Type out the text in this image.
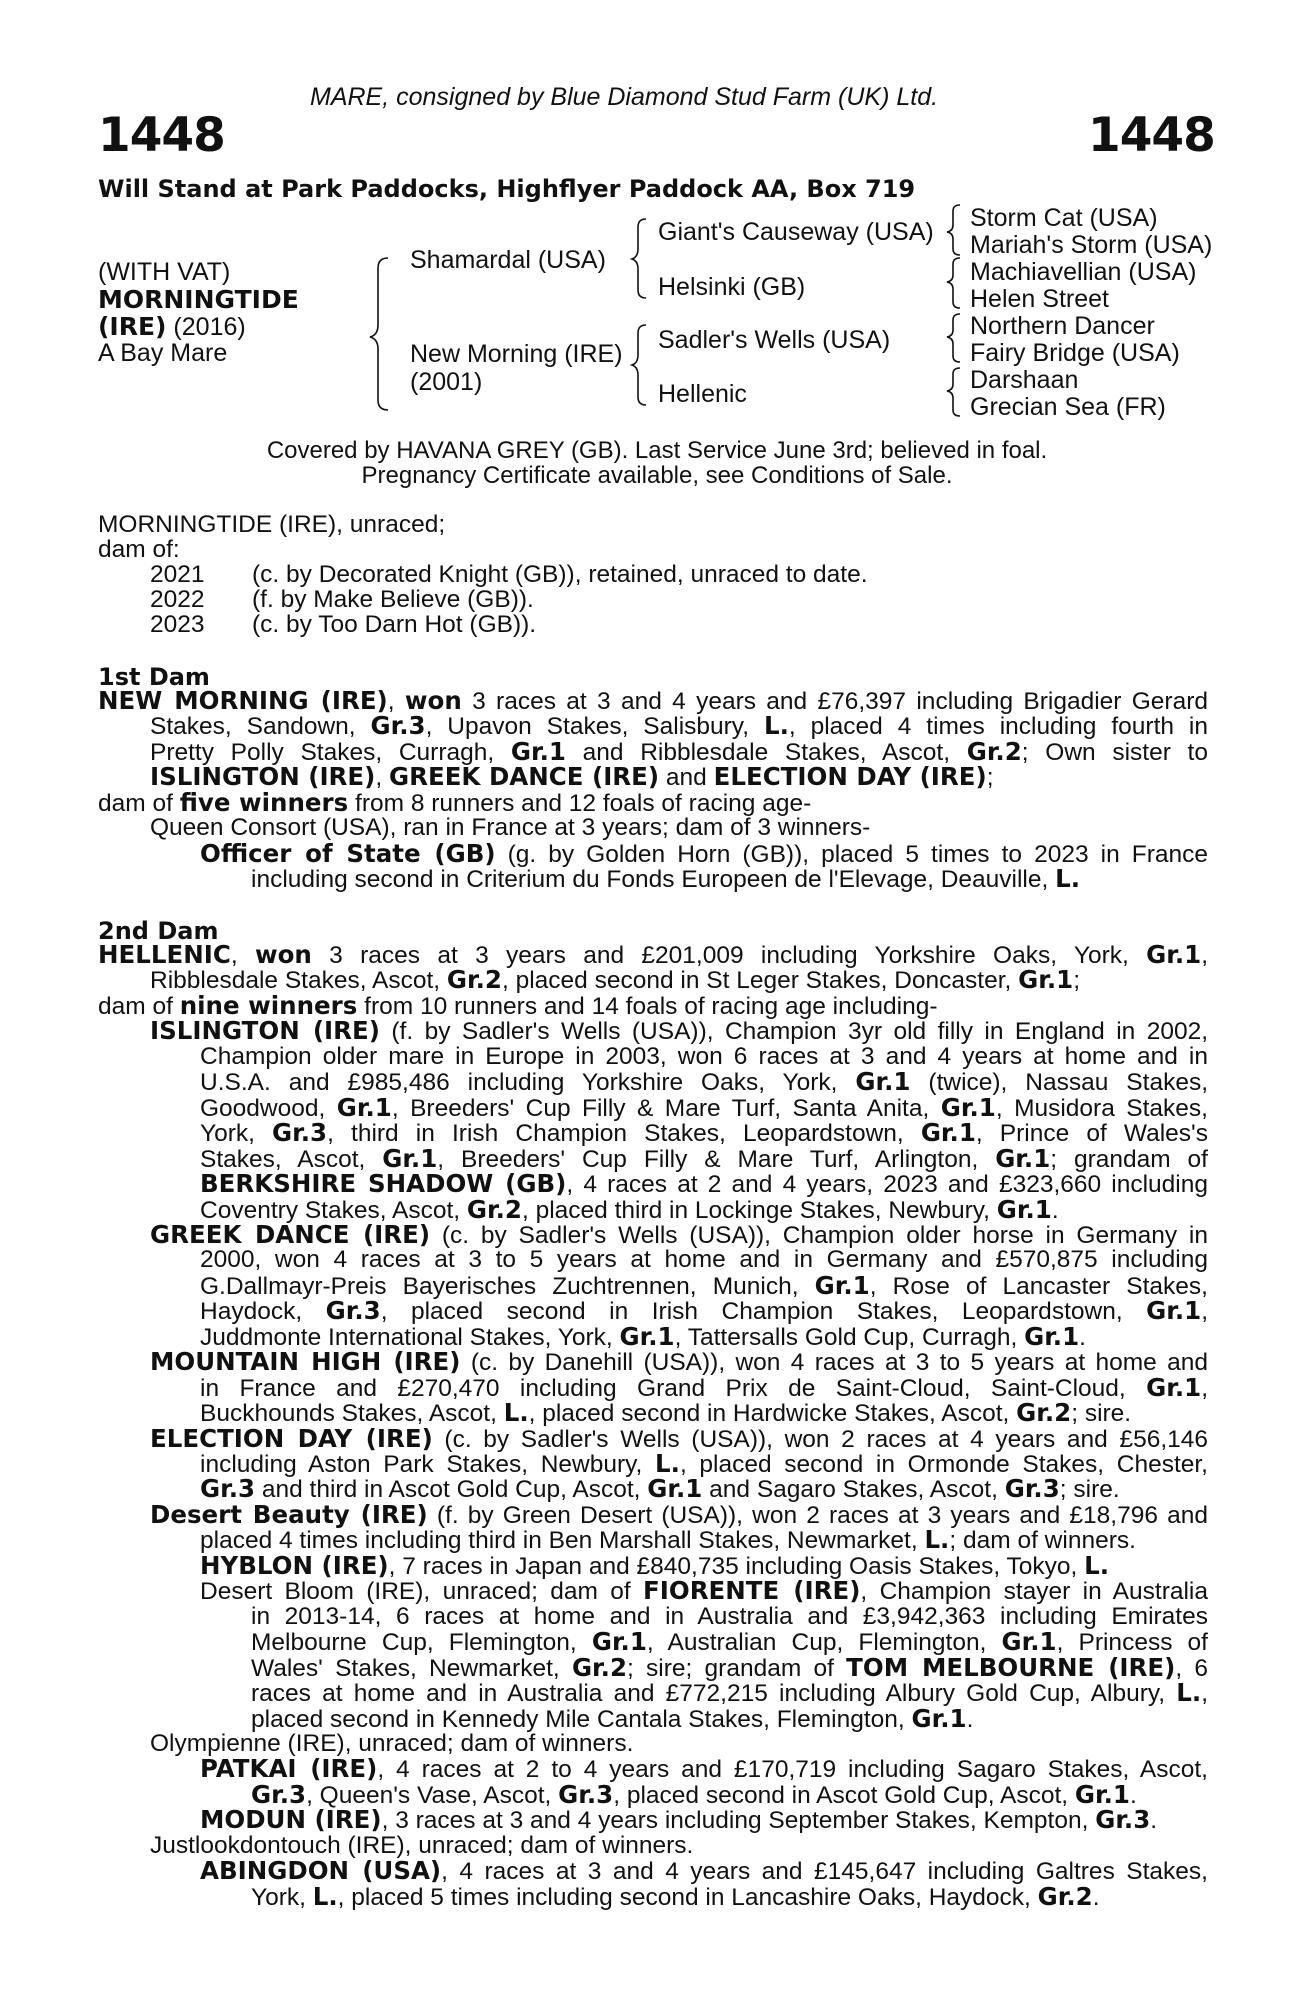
MARE, consigned by Blue Diamond Stud Farm (UK) Ltd.
1448	1448
Will Stand at Park Paddocks, Highflyer Paddock AA, Box 719
(WITH VAT)
MORNINGTIDE
(IRE) (2016)
A Bay Mare
Shamardal (USA)
New Morning (IRE)
(2001)
Giant's Causeway (USA)
Helsinki (GB)
Sadler's Wells (USA)
Hellenic
Storm Cat (USA)
Mariah's Storm (USA)
Machiavellian (USA)
Helen Street
Northern Dancer
Fairy Bridge (USA)
Darshaan
Grecian Sea (FR)
Covered by HAVANA GREY (GB). Last Service June 3rd; believed in foal.
Pregnancy Certificate available, see Conditions of Sale.
MORNINGTIDE (IRE), unraced;
dam of:
2021 (c. by Decorated Knight (GB)), retained, unraced to date.
2022 (f. by Make Believe (GB)).
2023 (c. by Too Darn Hot (GB)).
1st Dam
NEW MORNING (IRE), won 3 races at 3 and 4 years and £76,397 including Brigadier Gerard
Stakes, Sandown, Gr.3, Upavon Stakes, Salisbury, L., placed 4 times including fourth in
Pretty Polly Stakes, Curragh, Gr.1 and Ribblesdale Stakes, Ascot, Gr.2; Own sister to
ISLINGTON (IRE), GREEK DANCE (IRE) and ELECTION DAY (IRE);
dam of five winners from 8 runners and 12 foals of racing age-
Queen Consort (USA), ran in France at 3 years; dam of 3 winners-
Officer of State (GB) (g. by Golden Horn (GB)), placed 5 times to 2023 in France
including second in Criterium du Fonds Europeen de l'Elevage, Deauville, L.
2nd Dam
HELLENIC, won 3 races at 3 years and £201,009 including Yorkshire Oaks, York, Gr.1,
Ribblesdale Stakes, Ascot, Gr.2, placed second in St Leger Stakes, Doncaster, Gr.1;
dam of nine winners from 10 runners and 14 foals of racing age including-
ISLINGTON (IRE) (f. by Sadler's Wells (USA)), Champion 3yr old filly in England in 2002,
Champion older mare in Europe in 2003, won 6 races at 3 and 4 years at home and in
U.S.A. and £985,486 including Yorkshire Oaks, York, Gr.1 (twice), Nassau Stakes,
Goodwood, Gr.1, Breeders' Cup Filly & Mare Turf, Santa Anita, Gr.1, Musidora Stakes,
York, Gr.3, third in Irish Champion Stakes, Leopardstown, Gr.1, Prince of Wales's
Stakes, Ascot, Gr.1, Breeders' Cup Filly & Mare Turf, Arlington, Gr.1; grandam of
BERKSHIRE SHADOW (GB), 4 races at 2 and 4 years, 2023 and £323,660 including
Coventry Stakes, Ascot, Gr.2, placed third in Lockinge Stakes, Newbury, Gr.1.
GREEK DANCE (IRE) (c. by Sadler's Wells (USA)), Champion older horse in Germany in
2000, won 4 races at 3 to 5 years at home and in Germany and £570,875 including
G.Dallmayr-Preis Bayerisches Zuchtrennen, Munich, Gr.1, Rose of Lancaster Stakes,
Haydock, Gr.3, placed second in Irish Champion Stakes, Leopardstown, Gr.1,
Juddmonte International Stakes, York, Gr.1, Tattersalls Gold Cup, Curragh, Gr.1.
MOUNTAIN HIGH (IRE) (c. by Danehill (USA)), won 4 races at 3 to 5 years at home and
in France and £270,470 including Grand Prix de Saint-Cloud, Saint-Cloud, Gr.1,
Buckhounds Stakes, Ascot, L., placed second in Hardwicke Stakes, Ascot, Gr.2; sire.
ELECTION DAY (IRE) (c. by Sadler's Wells (USA)), won 2 races at 4 years and £56,146
including Aston Park Stakes, Newbury, L., placed second in Ormonde Stakes, Chester,
Gr.3 and third in Ascot Gold Cup, Ascot, Gr.1 and Sagaro Stakes, Ascot, Gr.3; sire.
Desert Beauty (IRE) (f. by Green Desert (USA)), won 2 races at 3 years and £18,796 and
placed 4 times including third in Ben Marshall Stakes, Newmarket, L.; dam of winners.
HYBLON (IRE), 7 races in Japan and £840,735 including Oasis Stakes, Tokyo, L.
Desert Bloom (IRE), unraced; dam of FIORENTE (IRE), Champion stayer in Australia
in 2013-14, 6 races at home and in Australia and £3,942,363 including Emirates
Melbourne Cup, Flemington, Gr.1, Australian Cup, Flemington, Gr.1, Princess of
Wales' Stakes, Newmarket, Gr.2; sire; grandam of TOM MELBOURNE (IRE), 6
races at home and in Australia and £772,215 including Albury Gold Cup, Albury, L.,
placed second in Kennedy Mile Cantala Stakes, Flemington, Gr.1.
Olympienne (IRE), unraced; dam of winners.
PATKAI (IRE), 4 races at 2 to 4 years and £170,719 including Sagaro Stakes, Ascot,
Gr.3, Queen's Vase, Ascot, Gr.3, placed second in Ascot Gold Cup, Ascot, Gr.1.
MODUN (IRE), 3 races at 3 and 4 years including September Stakes, Kempton, Gr.3.
Justlookdontouch (IRE), unraced; dam of winners.
ABINGDON (USA), 4 races at 3 and 4 years and £145,647 including Galtres Stakes,
York, L., placed 5 times including second in Lancashire Oaks, Haydock, Gr.2.
